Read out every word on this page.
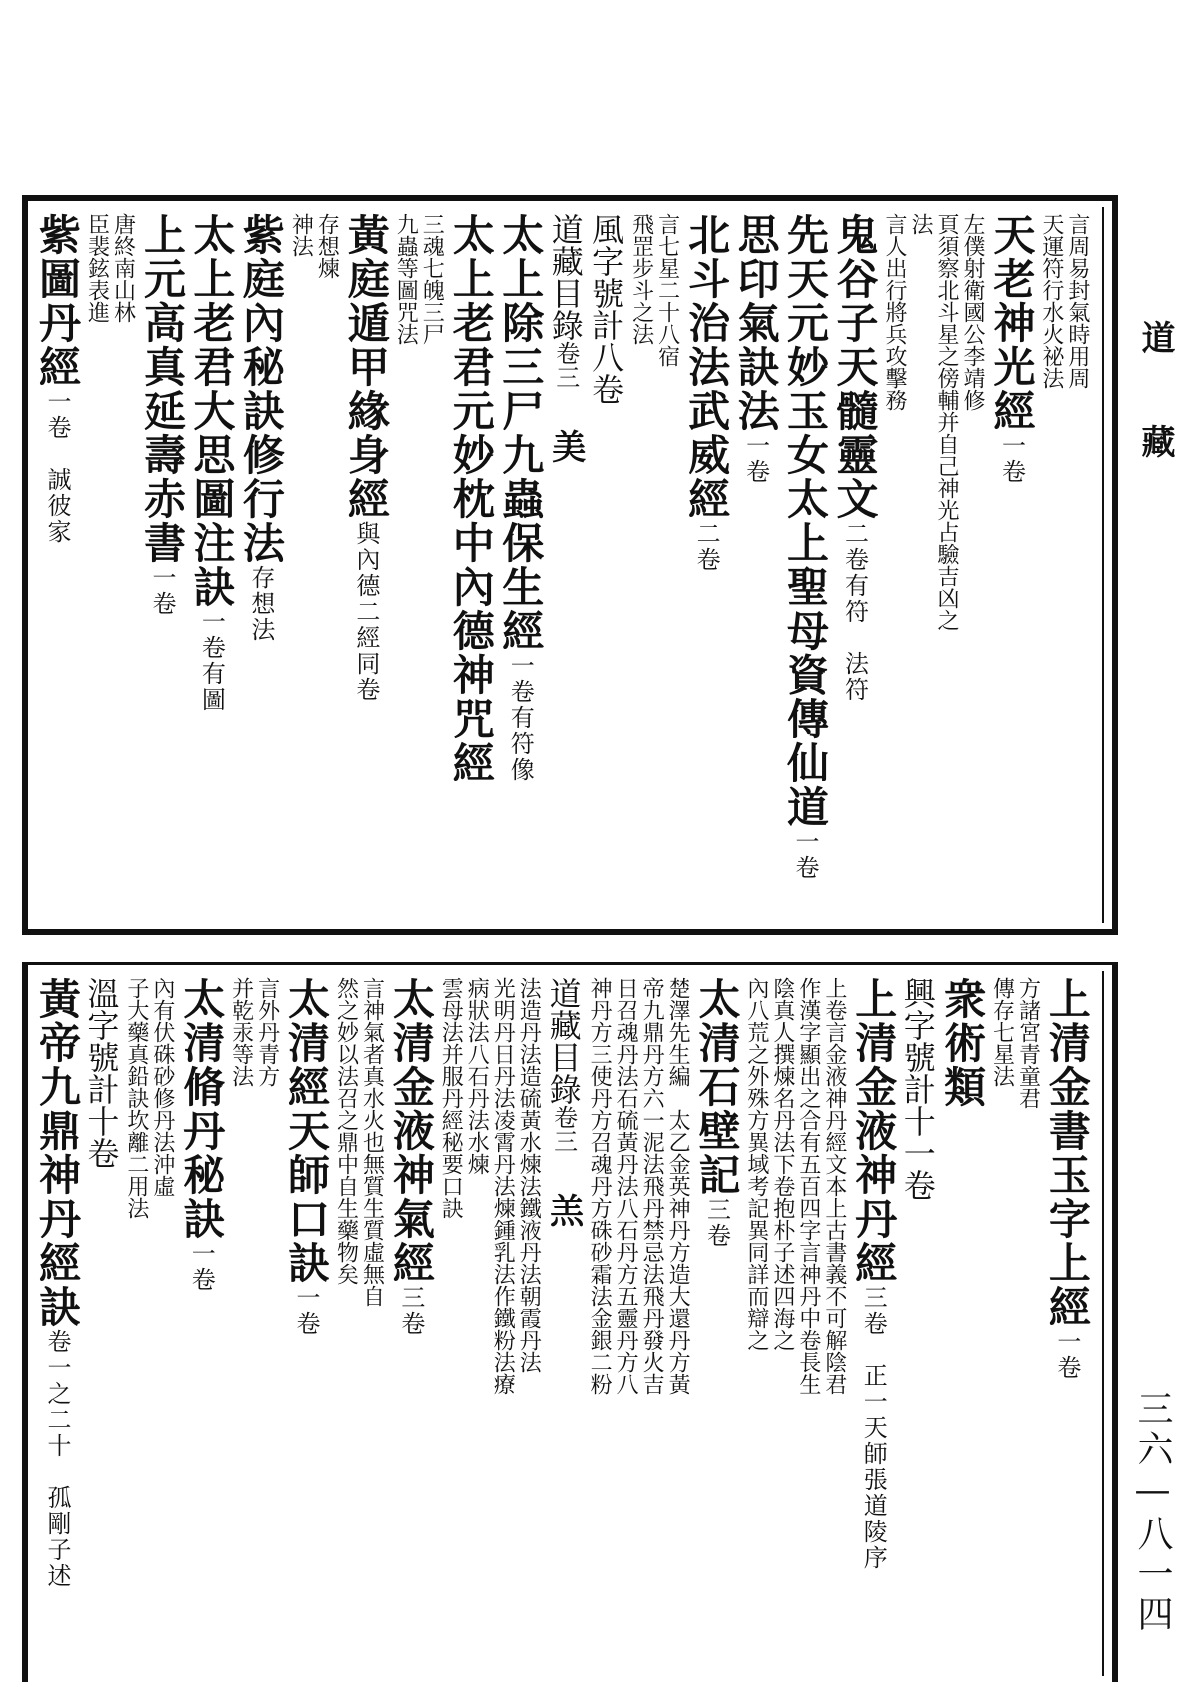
道藏
言周易封氣時用周
天運符行水火祕法
天老神光經一卷
左僕射衛國公李靖修
頁須察北斗星之傍輔并自己神光占驗吉凶之
法
言人出行將兵攻擊務
鬼谷子天髓靈文二卷有符　法符
先天元妙玉女太上聖母資傳仙道一卷
思印氣訣法一卷
北斗治法武威經二卷
言七星二十八宿
飛罡步斗之法
風字號計八卷
道藏目錄卷三美
太上除三尸九蟲保生經一卷有符像
太上老君元妙枕中內德神咒經
三魂七魄三尸
九蟲等圖咒法
黃庭遁甲緣身經與內德二經同卷
存想煉
神法
紫庭內秘訣修行法存想法
太上老君大思圖注訣一卷有圖
上元高真延壽赤書一卷
唐終南山林
臣裴鉉表進
紫圖丹經一卷　誠彼家
上清金書玉字上經一卷
方諸宮青童君
傳存七星法
衆術類
興字號計十一卷
上清金液神丹經三卷　正一天師張道陵序
上卷言金液神丹經文本上古書義不可解陰君
作漢字顯出之合有五百四字言神丹中卷長生
陰真人撰煉名丹法下卷抱朴子述四海之
內八荒之外殊方異域考記異同詳而辯之
太清石壁記三卷
楚澤先生編　太乙金英神丹方造大還丹方黃
帝九鼎丹方六一泥法飛丹禁忌法飛丹發火吉
日召魂丹法石硫黃丹法八石丹方五靈丹方八
神丹方三使丹方召魂丹方硃砂霜法金銀二粉
道藏目錄卷三羔
法造丹法造硫黃水煉法鐵液丹法朝霞丹法
光明丹日丹法凌霄丹法煉鍾乳法作鐵粉法療
病狀法八石丹法水煉
雲母法并服丹經秘要口訣
太清金液神氣經三卷
言神氣者真水火也無質生質虛無自
然之妙以法召之鼎中自生藥物矣
太清經天師口訣一卷
言外丹青方
并乾汞等法
太清脩丹秘訣一卷
內有伏硃砂修丹法沖虛
子大藥真鉛訣坎離二用法
溫字號計十卷
黃帝九鼎神丹經訣卷一之二十　孤剛子述	三六—八一四
